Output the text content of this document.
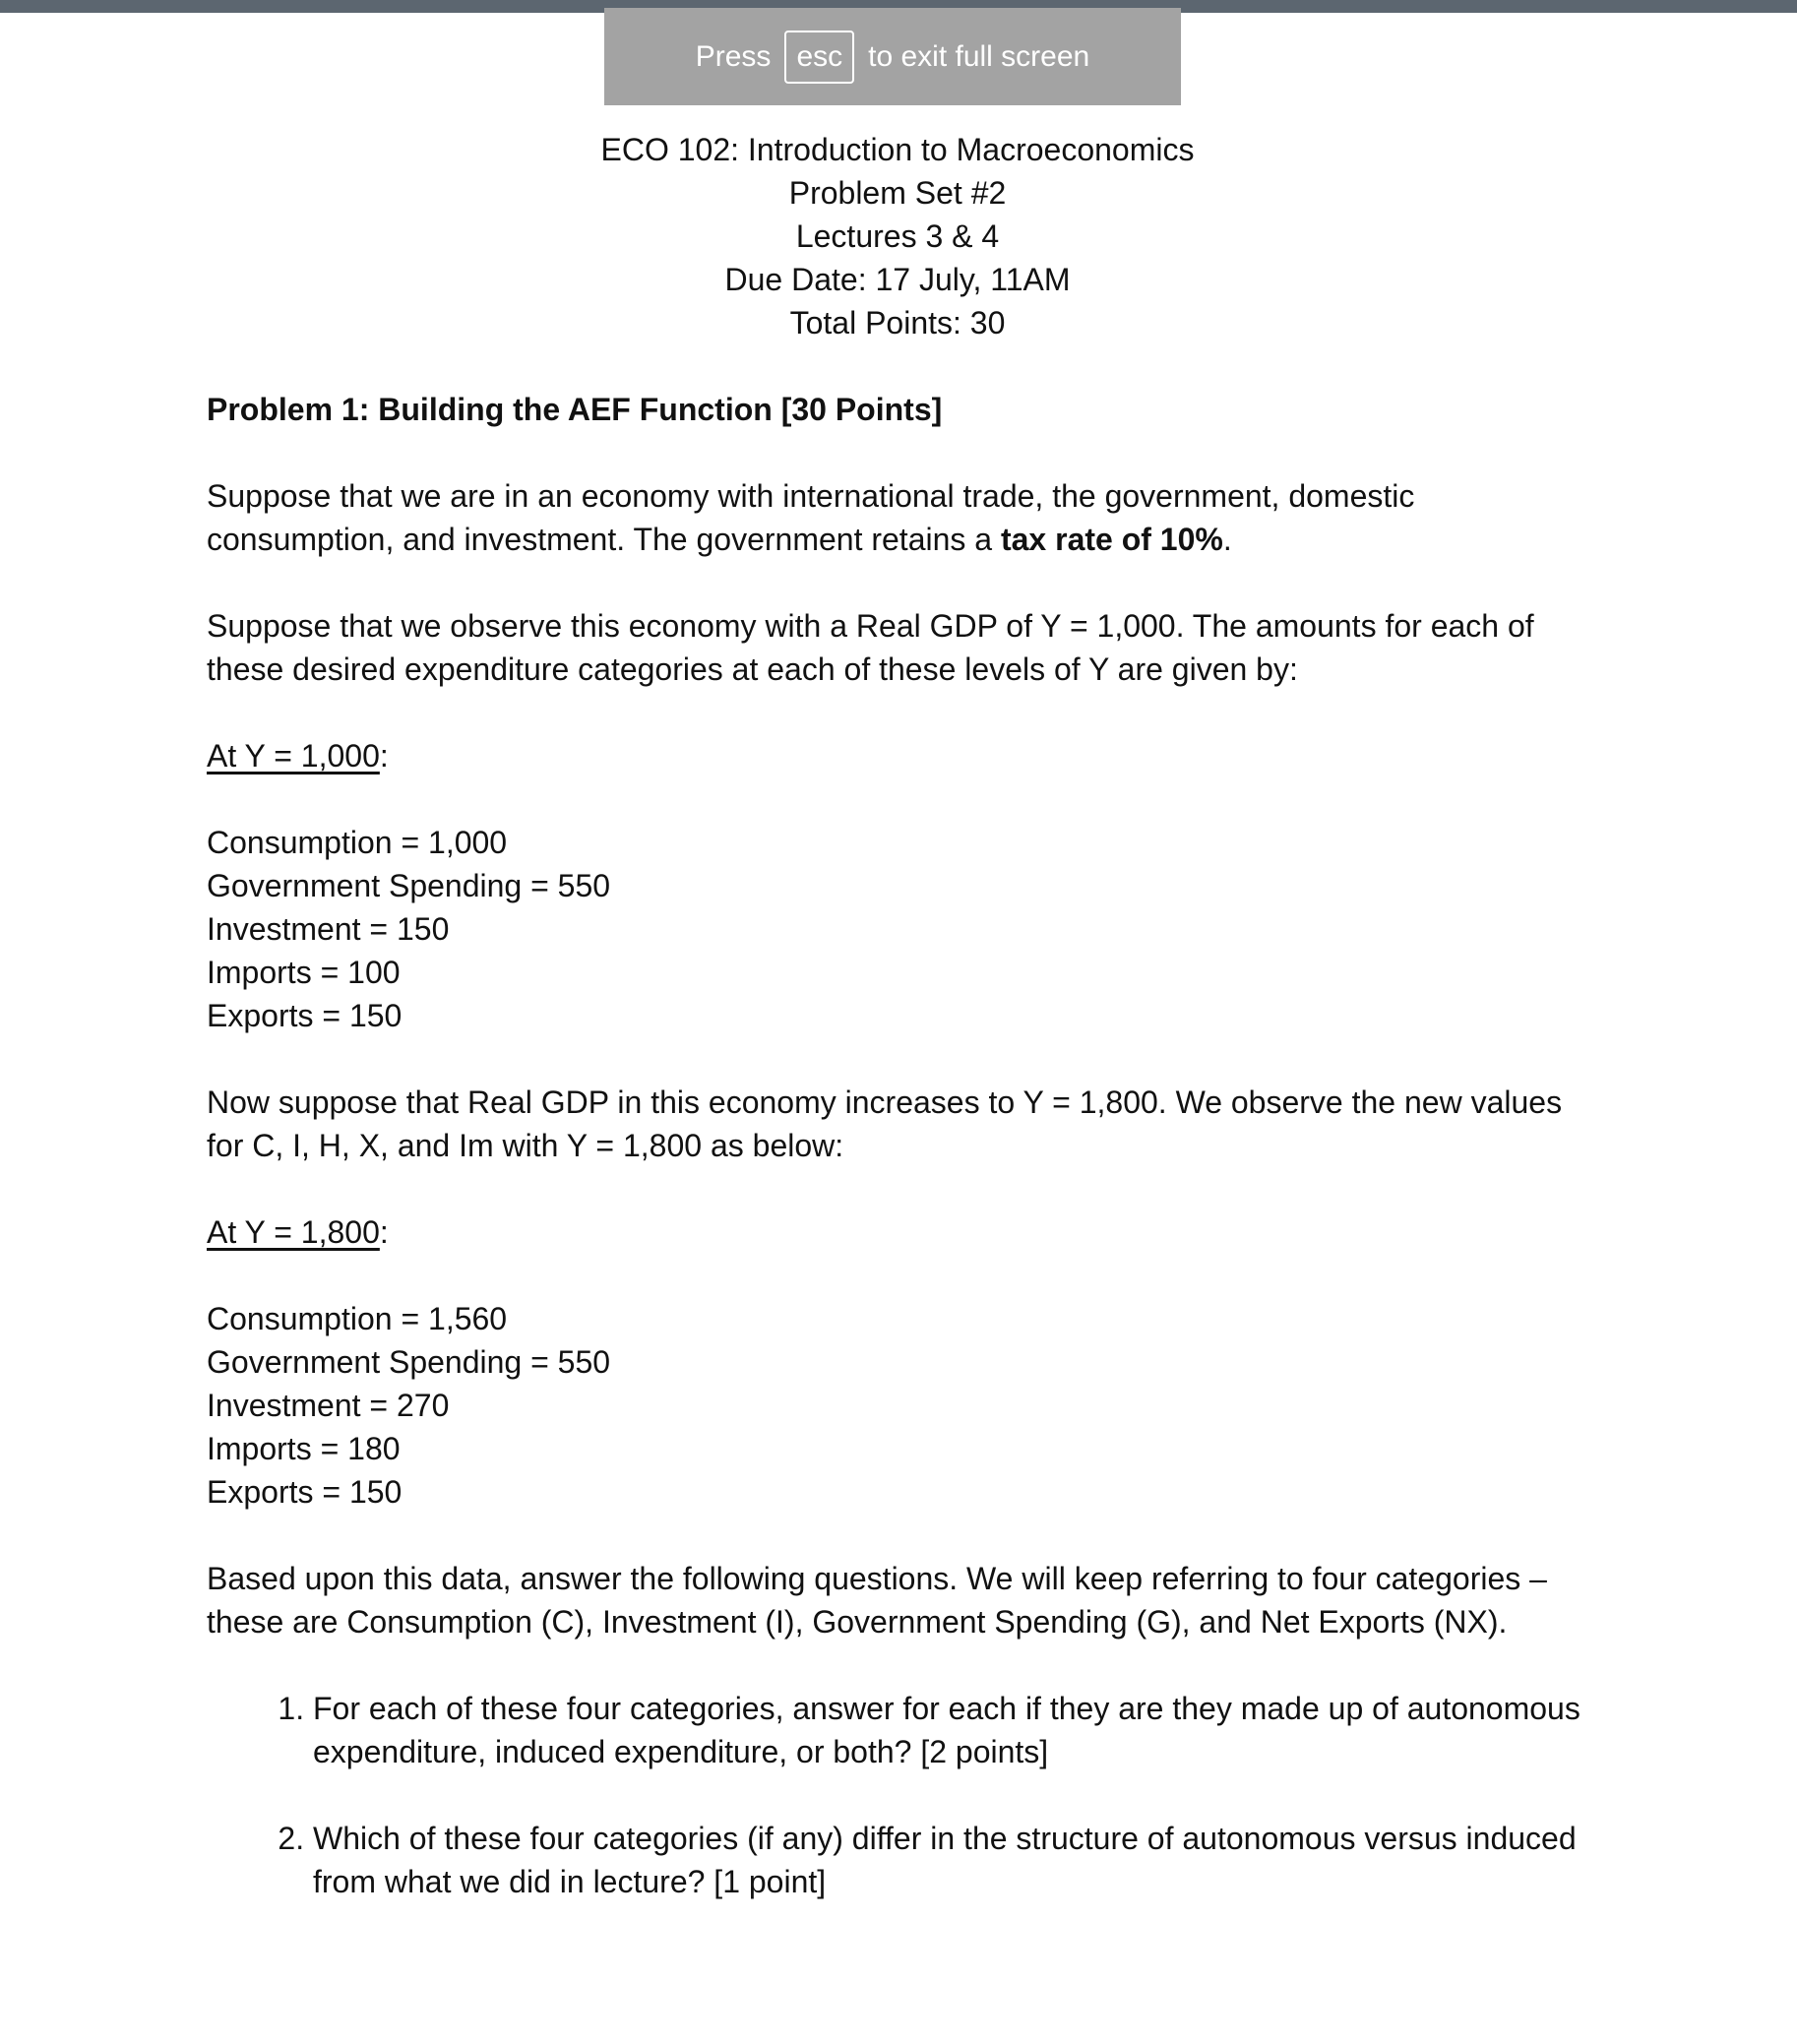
Press esc to exit full screen
ECO 102: Introduction to Macroeconomics
Problem Set #2
Lectures 3 & 4
Due Date: 17 July, 11AM
Total Points: 30
Problem 1: Building the AEF Function [30 Points]

Suppose that we are in an economy with international trade, the government, domestic consumption, and investment. The government retains a tax rate of 10%.

Suppose that we observe this economy with a Real GDP of Y = 1,000. The amounts for each of these desired expenditure categories at each of these levels of Y are given by:

At Y = 1,000:

Consumption = 1,000
Government Spending = 550
Investment = 150
Imports = 100
Exports = 150

Now suppose that Real GDP in this economy increases to Y = 1,800. We observe the new values for C, I, H, X, and Im with Y = 1,800 as below:

At Y = 1,800:

Consumption = 1,560
Government Spending = 550
Investment = 270
Imports = 180
Exports = 150

Based upon this data, answer the following questions. We will keep referring to four categories – these are Consumption (C), Investment (I), Government Spending (G), and Net Exports (NX).

1. For each of these four categories, answer for each if they are they made up of autonomous expenditure, induced expenditure, or both? [2 points]
2. Which of these four categories (if any) differ in the structure of autonomous versus induced from what we did in lecture? [1 point]
